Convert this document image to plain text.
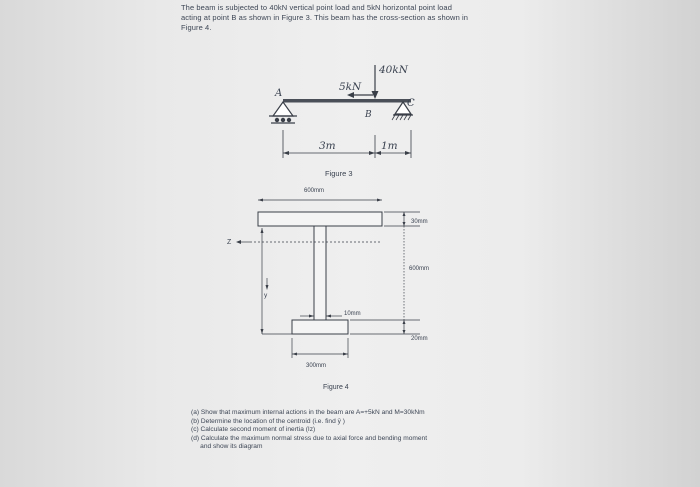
The beam is subjected to 40kN vertical point load and 5kN horizontal point load
acting at point B as shown in Figure 3. This beam has the cross-section as shown in
Figure 4.
A
B
C
40kN
5kN
3m	1m
Figure 3
600mm
30mm
600mm
10mm
20mm
300mm
Z
y
Figure 4
(a) Show that maximum internal actions in the beam are A=+5kN and M=30kNm
(b) Determine the location of the centroid (i.e. find ȳ )
(c) Calculate second moment of inertia (Iz)
(d) Calculate the maximum normal stress due to axial force and bending moment
and show its diagram
